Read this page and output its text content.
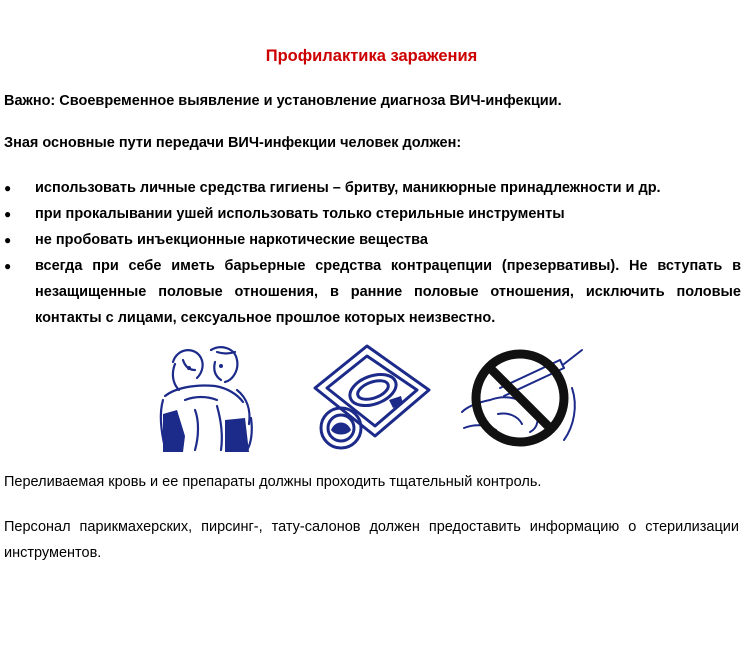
Профилактика заражения
Важно: Своевременное выявление и установление диагноза ВИЧ-инфекции.
Зная основные пути передачи ВИЧ-инфекции человек должен:
● использовать личные средства гигиены – бритву, маникюрные принадлежности и др.
● при прокалывании ушей использовать только стерильные инструменты
● не пробовать инъекционные наркотические вещества
● всегда при себе иметь барьерные средства контрацепции (презервативы). Не вступать в незащищенные половые отношения, в ранние половые отношения, исключить половые контакты с лицами, сексуальное прошлое которых неизвестно.
Переливаемая кровь и ее препараты должны проходить тщательный контроль.
Персонал парикмахерских, пирсинг-, тату-салонов должен предоставить информацию о стерилизации инструментов.
